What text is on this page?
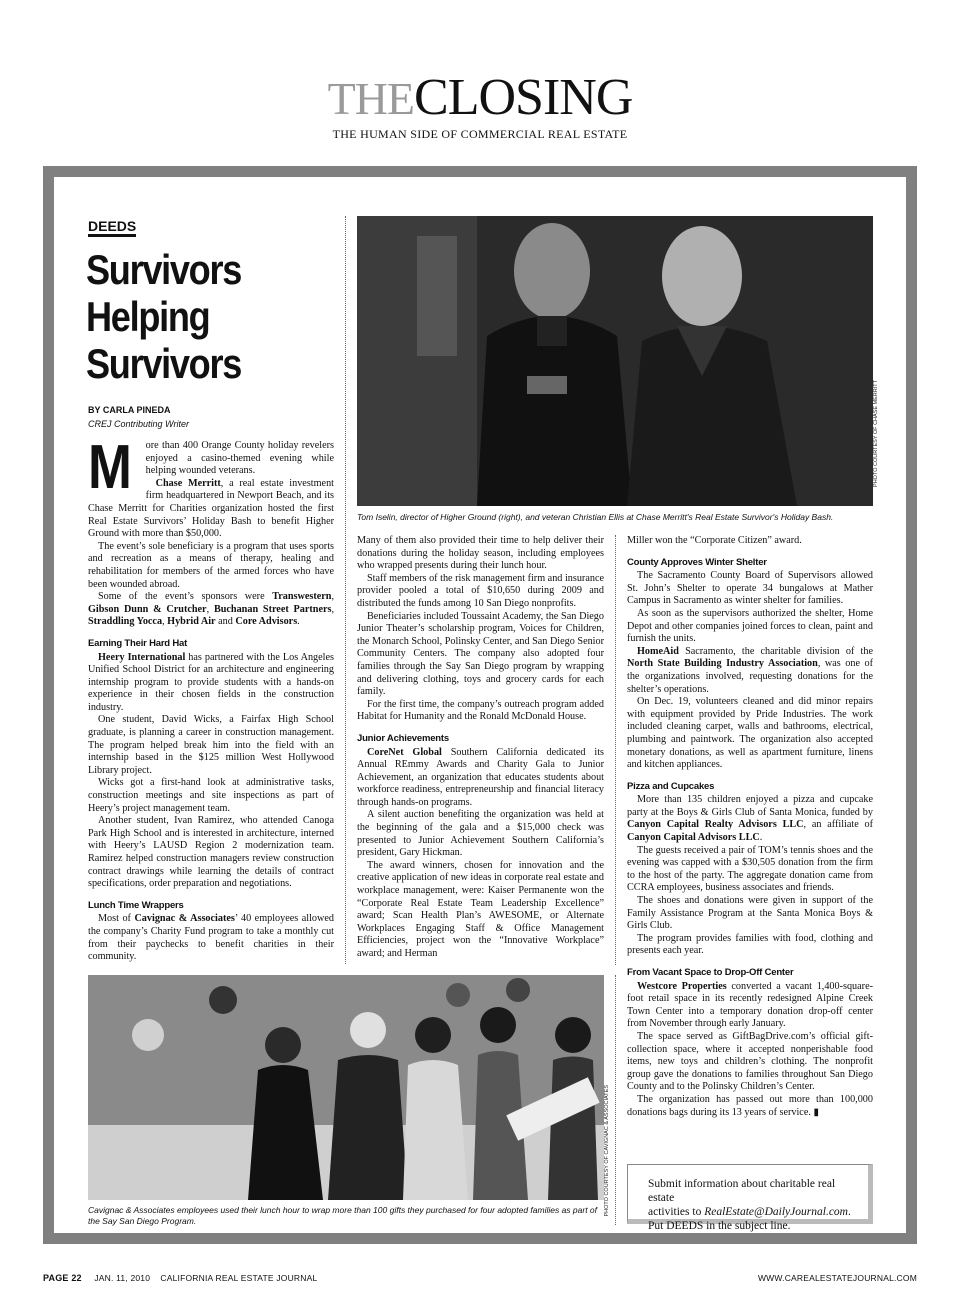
THECLOSING
THE HUMAN SIDE OF COMMERCIAL REAL ESTATE
DEEDS
Survivors
Helping
Survivors
BY CARLA PINEDA
CREJ Contributing Writer	PHOTO COURTESY OF CHASE MERRITT
Tom Iselin, director of Higher Ground (right), and veteran Christian Ellis at Chase Merritt's Real Estate Survivor's Holiday Bash.
PHOTO COURTESY OF CAVIGNAC & ASSOCIATES
Cavignac & Associates employees used their lunch hour to wrap more than 100 gifts they purchased for four adopted families as part of the Say San Diego Program.
M	ore than 400 Orange County holiday revelers enjoyed a casino-themed evening while helping wounded veterans.

Chase Merritt, a real estate investment firm headquartered in Newport Beach, and its Chase Merritt for Charities organization hosted the first Real Estate Survivors’ Holiday Bash to benefit Higher Ground with more than $50,000.

The event’s sole beneficiary is a program that uses sports and recreation as a means of therapy, healing and rehabilitation for members of the armed forces who have been wounded abroad.

Some of the event’s sponsors were Transwestern, Gibson Dunn & Crutcher, Buchanan Street Partners, Straddling Yocca, Hybrid Air and Core Advisors.

Earning Their Hard Hat

Heery International has partnered with the Los Angeles Unified School District for an architecture and engineering internship program to provide students with a hands-on experience in their chosen fields in the construction industry.

One student, David Wicks, a Fairfax High School graduate, is planning a career in construction management. The program helped break him into the field with an internship based in the $125 million West Hollywood Library project.

Wicks got a first-hand look at administrative tasks, construction meetings and site inspections as part of Heery’s project management team.

Another student, Ivan Ramirez, who attended Canoga Park High School and is interested in architecture, interned with Heery’s LAUSD Region 2 modernization team. Ramirez helped construction managers review construction contract drawings while learning the details of contract specifications, order preparation and negotiations.

Lunch Time Wrappers

Most of Cavignac & Associates’ 40 employees allowed the company’s Charity Fund program to take a monthly cut from their paychecks to benefit charities in their community.

Many of them also provided their time to help deliver their donations during the holiday season, including employees who wrapped presents during their lunch hour.

Staff members of the risk management firm and insurance provider pooled a total of $10,650 during 2009 and distributed the funds among 10 San Diego nonprofits.

Beneficiaries included Toussaint Academy, the San Diego Junior Theater’s scholarship program, Voices for Children, the Monarch School, Polinsky Center, and San Diego Senior Community Centers. The company also adopted four families through the Say San Diego program by wrapping and delivering clothing, toys and grocery cards for each family.

For the first time, the company’s outreach program added Habitat for Humanity and the Ronald McDonald House.

Junior Achievements

CoreNet Global Southern California dedicated its Annual REmmy Awards and Charity Gala to Junior Achievement, an organization that educates students about workforce readiness, entrepreneurship and financial literacy through hands-on programs.

A silent auction benefiting the organization was held at the beginning of the gala and a $15,000 check was presented to Junior Achievement Southern California’s president, Gary Hickman.

The award winners, chosen for innovation and the creative application of new ideas in corporate real estate and workplace management, were: Kaiser Permanente won the “Corporate Real Estate Team Leadership Excellence” award; Scan Health Plan’s AWESOME, or Alternate Workplaces Engaging Staff & Office Management Efficiencies, project won the “Innovative Workplace” award; and Herman

Miller won the “Corporate Citizen” award.

County Approves Winter Shelter

The Sacramento County Board of Supervisors allowed St. John’s Shelter to operate 34 bungalows at Mather Campus in Sacramento as winter shelter for families.

As soon as the supervisors authorized the shelter, Home Depot and other companies joined forces to clean, paint and furnish the units.

HomeAid Sacramento, the charitable division of the North State Building Industry Association, was one of the organizations involved, requesting donations for the shelter’s operations.

On Dec. 19, volunteers cleaned and did minor repairs with equipment provided by Pride Industries. The work included cleaning carpet, walls and bathrooms, electrical, plumbing and paintwork. The organization also accepted monetary donations, as well as apartment furniture, linens and kitchen appliances.

Pizza and Cupcakes

More than 135 children enjoyed a pizza and cupcake party at the Boys & Girls Club of Santa Monica, funded by Canyon Capital Realty Advisors LLC, an affiliate of Canyon Capital Advisors LLC.

The guests received a pair of TOM’s tennis shoes and the evening was capped with a $30,505 donation from the firm to the host of the party. The aggregate donation came from CCRA employees, business associates and friends.

The shoes and donations were given in support of the Family Assistance Program at the Santa Monica Boys & Girls Club.

The program provides families with food, clothing and presents each year.

From Vacant Space to Drop-Off Center

Westcore Properties converted a vacant 1,400-square-foot retail space in its recently redesigned Alpine Creek Town Center into a temporary donation drop-off center from November through early January.

The space served as GiftBagDrive.com’s official gift-collection space, where it accepted nonperishable food items, new toys and children’s clothing. The nonprofit group gave the donations to families throughout San Diego County and to the Polinsky Children’s Center.

The organization has passed out more than 100,000 donations bags during its 13 years of service. ▮

Submit information about charitable real estate
activities to RealEstate@DailyJournal.com.
Put DEEDS in the subject line.
PAGE 22 JAN. 11, 2010 CALIFORNIA REAL ESTATE JOURNAL	WWW.CAREALESTATEJOURNAL.COM
